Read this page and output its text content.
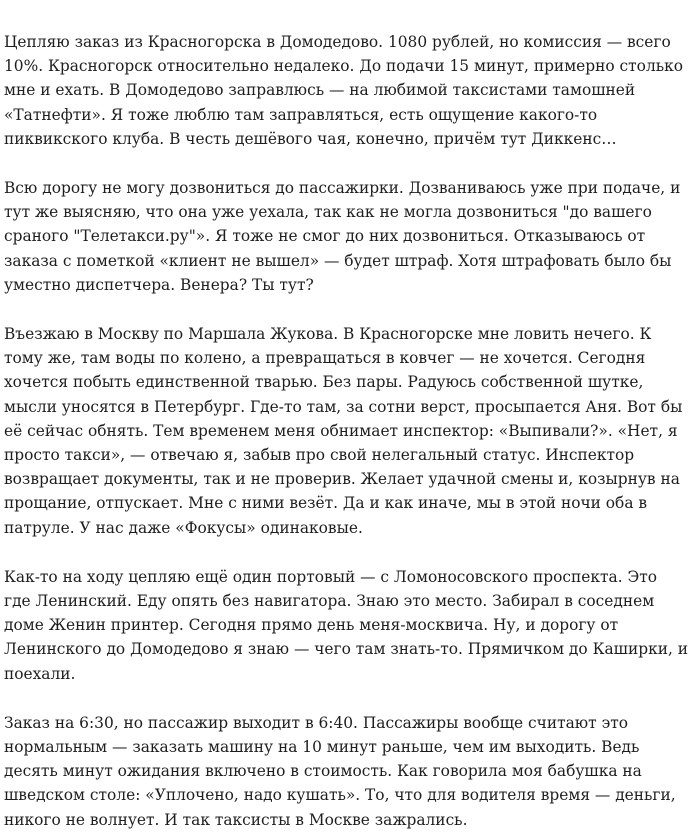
Цепляю заказ из Красногорска в Домодедово. 1080 рублей, но комиссия — всего 10%. Красногорск относительно недалеко. До подачи 15 минут, примерно столько мне и ехать. В Домодедово заправлюсь — на любимой таксистами тамошней «Татнефти». Я тоже люблю там заправляться, есть ощущение какого-то пиквикского клуба. В честь дешёвого чая, конечно, причём тут Диккенс…

Всю дорогу не могу дозвониться до пассажирки. Дозваниваюсь уже при подаче, и тут же выясняю, что она уже уехала, так как не могла дозвониться "до вашего сраного "Телетакси.ру"». Я тоже не смог до них дозвониться. Отказываюсь от заказа с пометкой «клиент не вышел» — будет штраф. Хотя штрафовать было бы уместно диспетчера. Венера? Ты тут?

Въезжаю в Москву по Маршала Жукова. В Красногорске мне ловить нечего. К тому же, там воды по колено, а превращаться в ковчег — не хочется. Сегодня хочется побыть единственной тварью. Без пары. Радуюсь собственной шутке, мысли уносятся в Петербург. Где-то там, за сотни верст, просыпается Аня. Вот бы её сейчас обнять. Тем временем меня обнимает инспектор: «Выпивали?». «Нет, я просто такси», — отвечаю я, забыв про свой нелегальный статус. Инспектор возвращает документы, так и не проверив. Желает удачной смены и, козырнув на прощание, отпускает. Мне с ними везёт. Да и как иначе, мы в этой ночи оба в патруле. У нас даже «Фокусы» одинаковые.

Как-то на ходу цепляю ещё один портовый — с Ломоносовского проспекта. Это где Ленинский. Еду опять без навигатора. Знаю это место. Забирал в соседнем доме Женин принтер. Сегодня прямо день меня-москвича. Ну, и дорогу от Ленинского до Домодедово я знаю — чего там знать-то. Прямичком до Каширки, и поехали.

Заказ на 6:30, но пассажир выходит в 6:40. Пассажиры вообще считают это нормальным — заказать машину на 10 минут раньше, чем им выходить. Ведь десять минут ожидания включено в стоимость. Как говорила моя бабушка на шведском столе: «Уплочено, надо кушать». То, что для водителя время — деньги, никого не волнует. И так таксисты в Москве зажрались.
